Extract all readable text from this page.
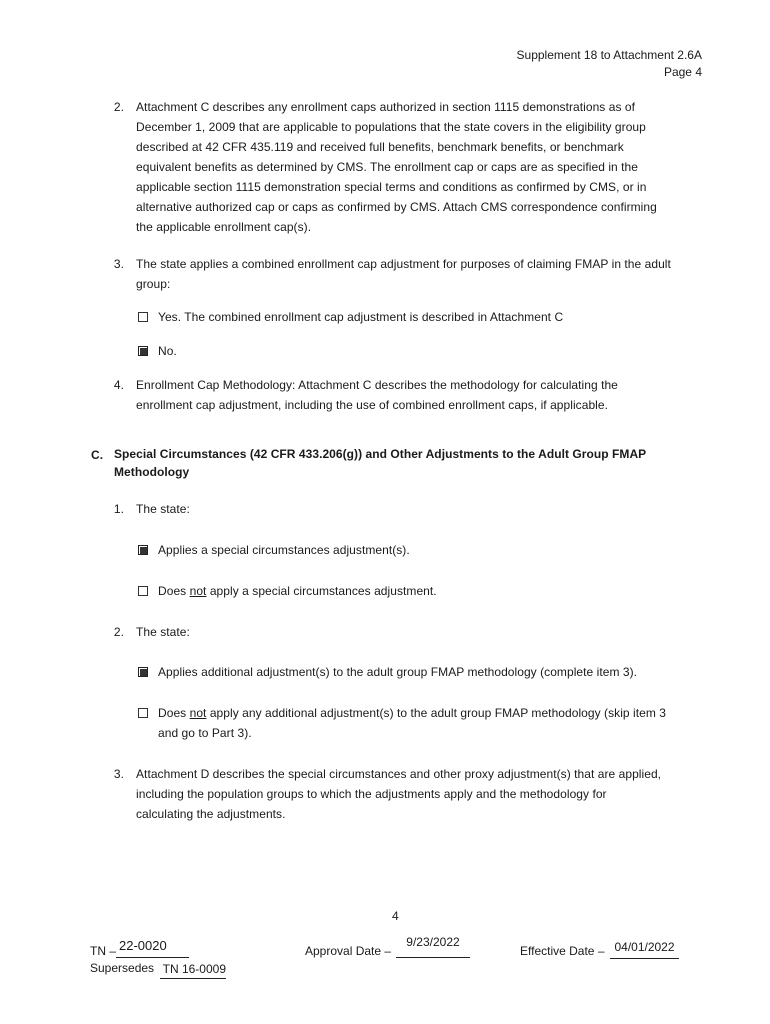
Supplement 18 to Attachment 2.6A
Page 4
2. Attachment C describes any enrollment caps authorized in section 1115 demonstrations as of
December 1, 2009 that are applicable to populations that the state covers in the eligibility group
described at 42 CFR 435.119 and received full benefits, benchmark benefits, or benchmark
equivalent benefits as determined by CMS. The enrollment cap or caps are as specified in the
applicable section 1115 demonstration special terms and conditions as confirmed by CMS, or in
alternative authorized cap or caps as confirmed by CMS. Attach CMS correspondence confirming
the applicable enrollment cap(s).
3. The state applies a combined enrollment cap adjustment for purposes of claiming FMAP in the adult
group:
Yes. The combined enrollment cap adjustment is described in Attachment C
No.
4. Enrollment Cap Methodology: Attachment C describes the methodology for calculating the
enrollment cap adjustment, including the use of combined enrollment caps, if applicable.
C. Special Circumstances (42 CFR 433.206(g)) and Other Adjustments to the Adult Group FMAP
Methodology
1. The state:
Applies a special circumstances adjustment(s).
Does not apply a special circumstances adjustment.
2. The state:
Applies additional adjustment(s) to the adult group FMAP methodology (complete item 3).
Does not apply any additional adjustment(s) to the adult group FMAP methodology (skip item 3
and go to Part 3).
3. Attachment D describes the special circumstances and other proxy adjustment(s) that are applied,
including the population groups to which the adjustments apply and the methodology for
calculating the adjustments.
4
TN – 22-0020
Supersedes TN 16-0009
Approval Date –
9/23/2022
Effective Date – 04/01/2022
